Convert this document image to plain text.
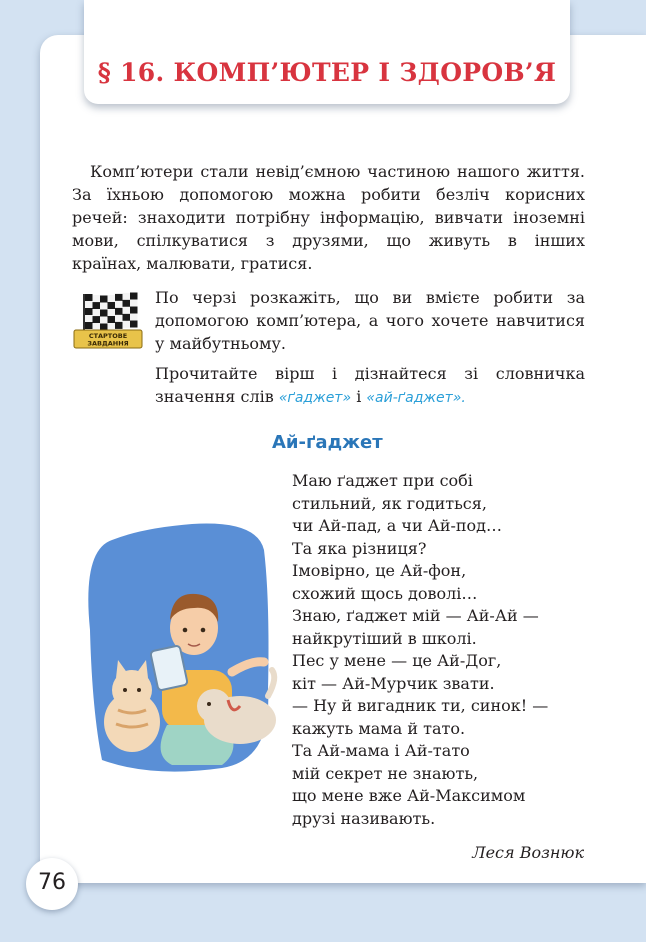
§ 16. КОМП’ЮТЕР І ЗДОРОВ’Я
Комп’ютери стали невід’ємною частиною нашого життя.
За їхньою допомогою можна робити безліч корисних
речей: знаходити потрібну інформацію, вивчати іноземні
мови, спілкуватися з друзями, що живуть в інших
країнах, малювати, гратися.
СТАРТОВЕ
ЗАВДАННЯ
По черзі розкажіть, що ви вмієте робити за
допомогою комп’ютера, а чого хочете навчитися
у майбутньому.
Прочитайте вірш і дізнайтеся зі словничка
значення слів «ґаджет» і «ай-ґаджет».
Ай-ґаджет
Маю ґаджет при собі
стильний, як годиться,
чи Ай-пад, а чи Ай-под…
Та яка різниця?
Імовірно, це Ай-фон,
схожий щось доволі…
Знаю, ґаджет мій — Ай-Ай —
найкрутіший в школі.
Пес у мене — це Ай-Дог,
кіт — Ай-Мурчик звати.
— Ну й вигадник ти, синок! —
кажуть мама й тато.
Та Ай-мама і Ай-тато
мій секрет не знають,
що мене вже Ай-Максимом
друзі називають.
Леся Вознюк
76
